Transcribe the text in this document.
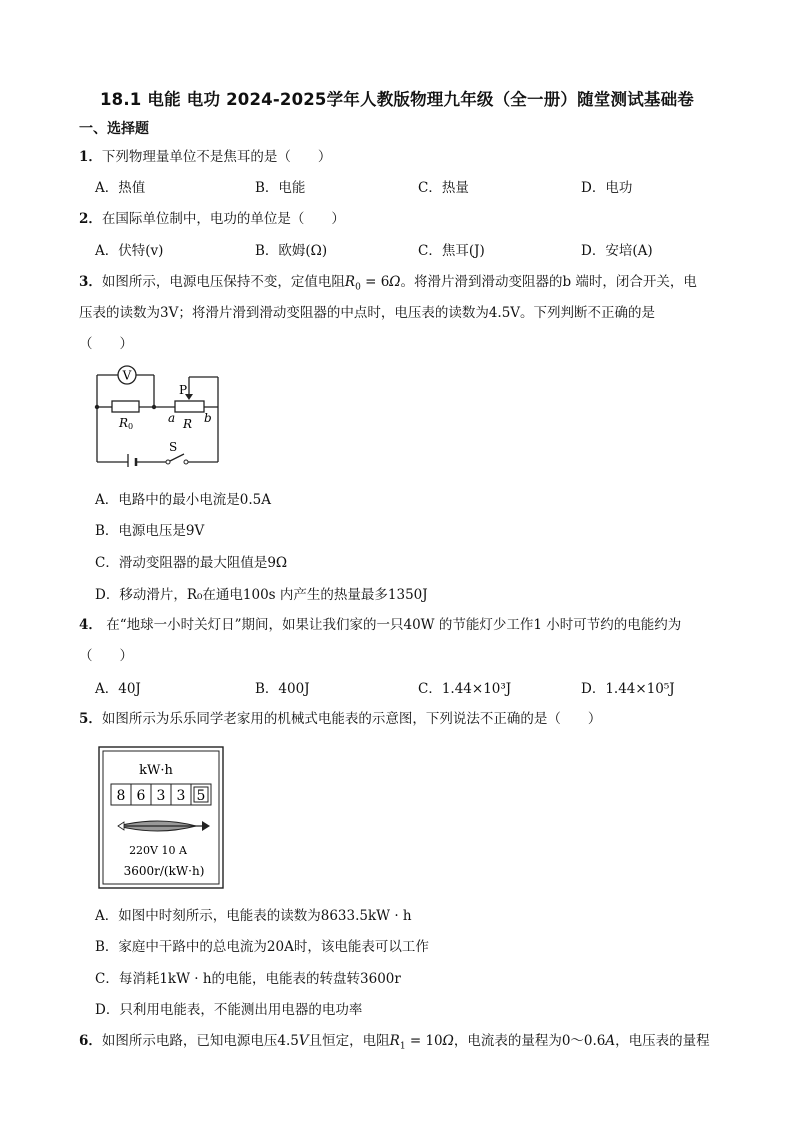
18.1 电能 电功 2024-2025学年人教版物理九年级（全一册）随堂测试基础卷
一、选择题
1．下列物理量单位不是焦耳的是（　　）
A．热值	B．电能	C．热量	D．电功
2．在国际单位制中，电功的单位是（　　）
A．伏特(v)	B．欧姆(Ω)	C．焦耳(J)	D．安培(A)
3．如图所示，电源电压保持不变，定值电阻$R_0 = 6\Omega$。将滑片滑到滑动变阻器的b 端时，闭合开关，电
压表的读数为3V；将滑片滑到滑动变阻器的中点时，电压表的读数为4.5V。下列判断不正确的是
（　　）
V
P
a R b
R0
S
A．电路中的最小电流是0.5A
B．电源电压是9V
C．滑动变阻器的最大阻值是9Ω
D．移动滑片，R₀在通电100s 内产生的热量最多1350J
4． 在“地球一小时关灯日”期间，如果让我们家的一只40W 的节能灯少工作1 小时可节约的电能约为
（　　）
A．40J	B．400J	C．1.44×10³J	D．1.44×10⁵J
5．如图所示为乐乐同学老家用的机械式电能表的示意图，下列说法不正确的是（　　）
kW·h
8 6 3 3 5
220V 10 A
3600r/(kW·h)
A．如图中时刻所示，电能表的读数为8633.5kW · h
B．家庭中干路中的总电流为20A时，该电能表可以工作
C．每消耗1kW · h的电能，电能表的转盘转3600r
D．只利用电能表，不能测出用电器的电功率
6．如图所示电路，已知电源电压4.5V且恒定，电阻$R_1 = 10\Omega$，电流表的量程为0～0.6A，电压表的量程
